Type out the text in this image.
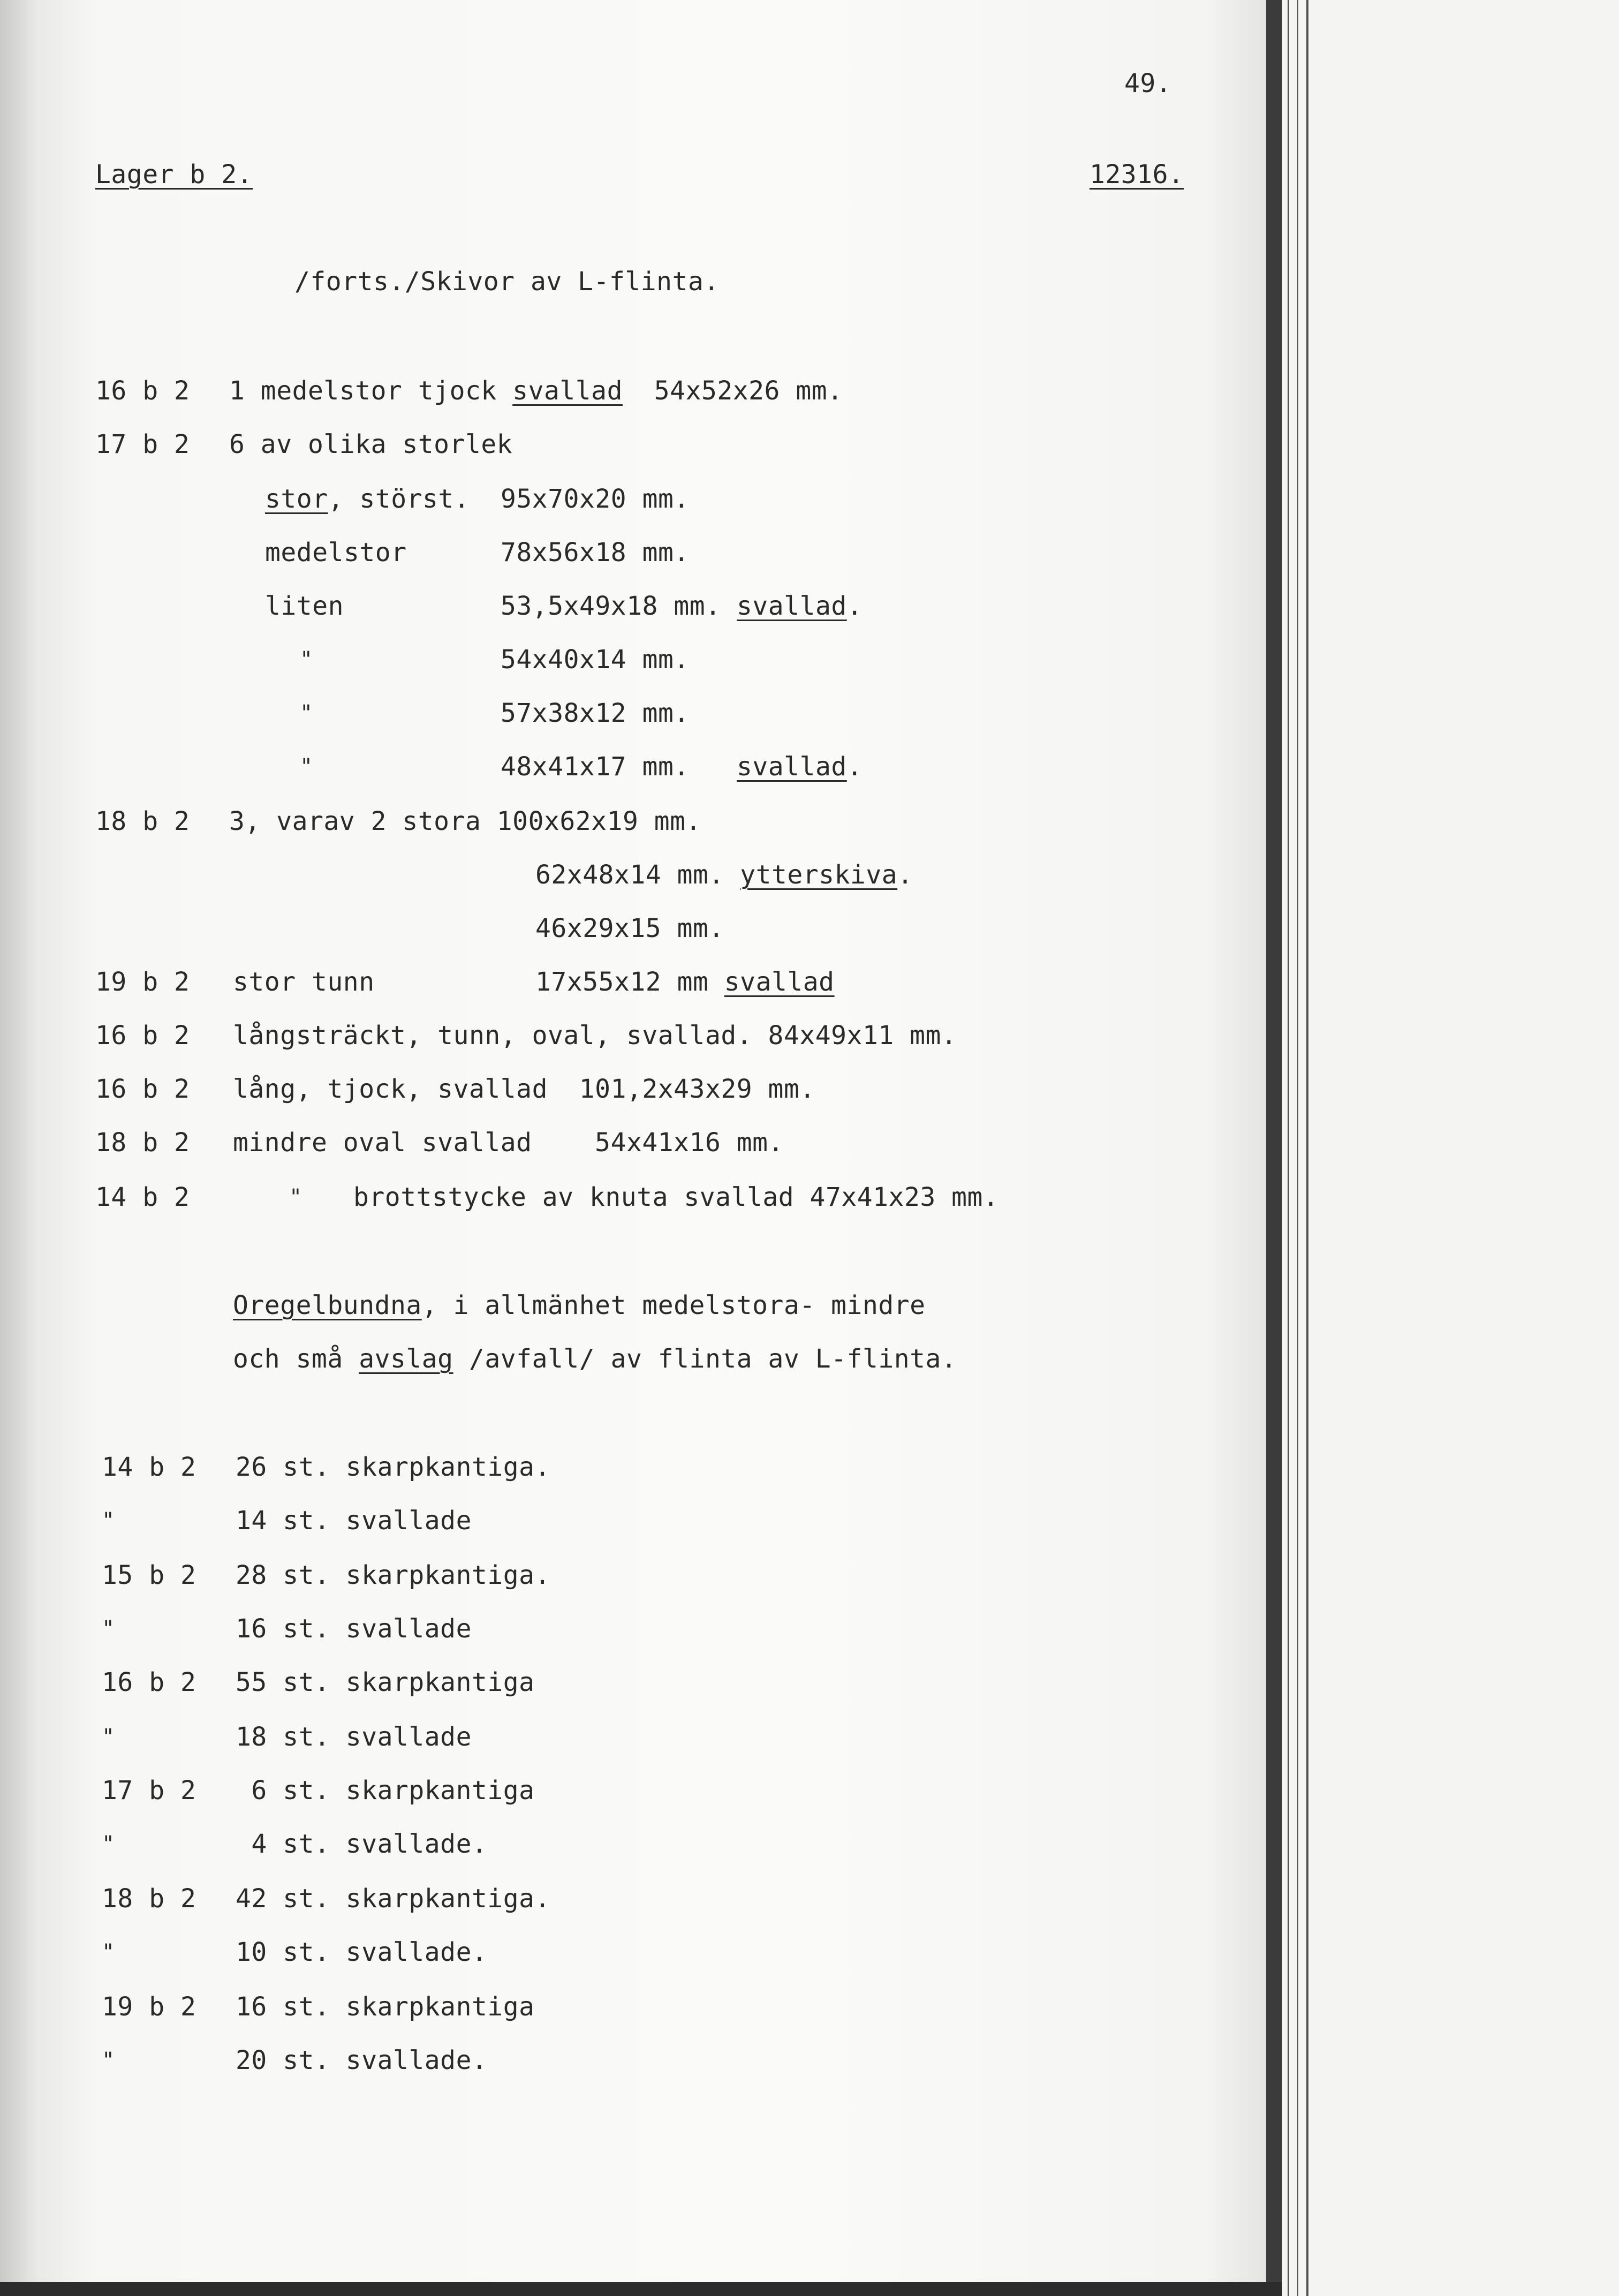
49.
Lager b 2.	12316.
/forts./Skivor av L-flinta.
16 b 2 1 medelstor tjock svallad  54x52x26 mm.
17 b 2 6 av olika storlek
stor, störst. 95x70x20 mm.
medelstor	78x56x18 mm.
liten	53,5x49x18 mm. svallad.
"	54x40x14 mm.
"	57x38x12 mm.
"	48x41x17 mm.   svallad.
18 b 2 3, varav 2 stora 100x62x19 mm.
62x48x14 mm. ytterskiva.
46x29x15 mm.
19 b 2 stor tunn	17x55x12 mm svallad
16 b 2 långsträckt, tunn, oval, svallad. 84x49x11 mm.
16 b 2 lång, tjock, svallad  101,2x43x29 mm.
18 b 2 mindre oval svallad    54x41x16 mm.
14 b 2	" brottstycke av knuta svallad 47x41x23 mm.
Oregelbundna, i allmänhet medelstora- mindre
och små avslag /avfall/ av flinta av L-flinta.
14 b 2 26 st. skarpkantiga.
"	14 st. svallade
15 b 2 28 st. skarpkantiga.
"	16 st. svallade
16 b 2 55 st. skarpkantiga
"	18 st. svallade
17 b 2 6 st. skarpkantiga
"	4 st. svallade.
18 b 2 42 st. skarpkantiga.
"	10 st. svallade.
19 b 2 16 st. skarpkantiga
"	20 st. svallade.
